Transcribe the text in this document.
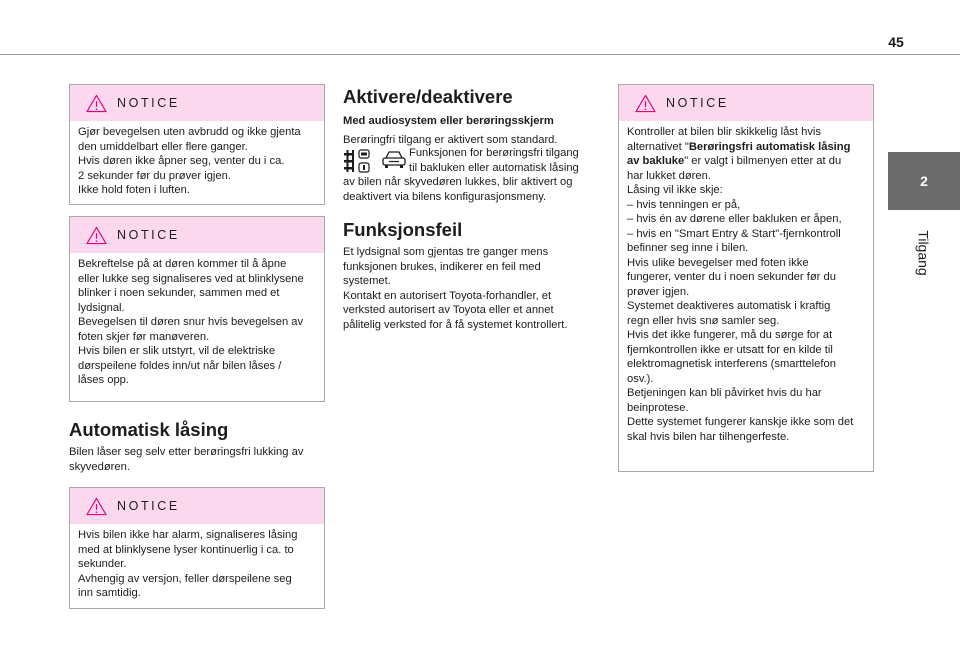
45
2
Tilgang
NOTICE
Gjør bevegelsen uten avbrudd og ikke gjenta
den umiddelbart eller flere ganger.
Hvis døren ikke åpner seg, venter du i ca.
2 sekunder før du prøver igjen.
Ikke hold foten i luften.
NOTICE
Bekreftelse på at døren kommer til å åpne
eller lukke seg signaliseres ved at blinklysene
blinker i noen sekunder, sammen med et
lydsignal.
Bevegelsen til døren snur hvis bevegelsen av
foten skjer før manøveren.
Hvis bilen er slik utstyrt, vil de elektriske
dørspeilene foldes inn/ut når bilen låses /
låses opp.
Automatisk låsing
Bilen låser seg selv etter berøringsfri lukking av
skyvedøren.
NOTICE
Hvis bilen ikke har alarm, signaliseres låsing
med at blinklysene lyser kontinuerlig i ca. to
sekunder.
Avhengig av versjon, feller dørspeilene seg
inn samtidig.
Aktivere/deaktivere
Med audiosystem eller berøringsskjerm
Berøringfri tilgang er aktivert som standard.
Funksjonen for berøringsfri tilgang
til bakluken eller automatisk låsing
av bilen når skyvedøren lukkes, blir aktivert og
deaktivert via bilens konfigurasjonsmeny.
Funksjonsfeil
Et lydsignal som gjentas tre ganger mens
funksjonen brukes, indikerer en feil med
systemet.
Kontakt en autorisert Toyota-forhandler, et
verksted autorisert av Toyota eller et annet
pålitelig verksted for å få systemet kontrollert.
NOTICE
Kontroller at bilen blir skikkelig låst hvis
alternativet "Berøringsfri automatisk låsing
av bakluke" er valgt i bilmenyen etter at du
har lukket døren.
Låsing vil ikke skje:
– hvis tenningen er på,
– hvis én av dørene eller bakluken er åpen,
– hvis en "Smart Entry & Start"-fjernkontroll
befinner seg inne i bilen.
Hvis ulike bevegelser med foten ikke
fungerer, venter du i noen sekunder før du
prøver igjen.
Systemet deaktiveres automatisk i kraftig
regn eller hvis snø samler seg.
Hvis det ikke fungerer, må du sørge for at
fjernkontrollen ikke er utsatt for en kilde til
elektromagnetisk interferens (smarttelefon
osv.).
Betjeningen kan bli påvirket hvis du har
beinprotese.
Dette systemet fungerer kanskje ikke som det
skal hvis bilen har tilhengerfeste.
